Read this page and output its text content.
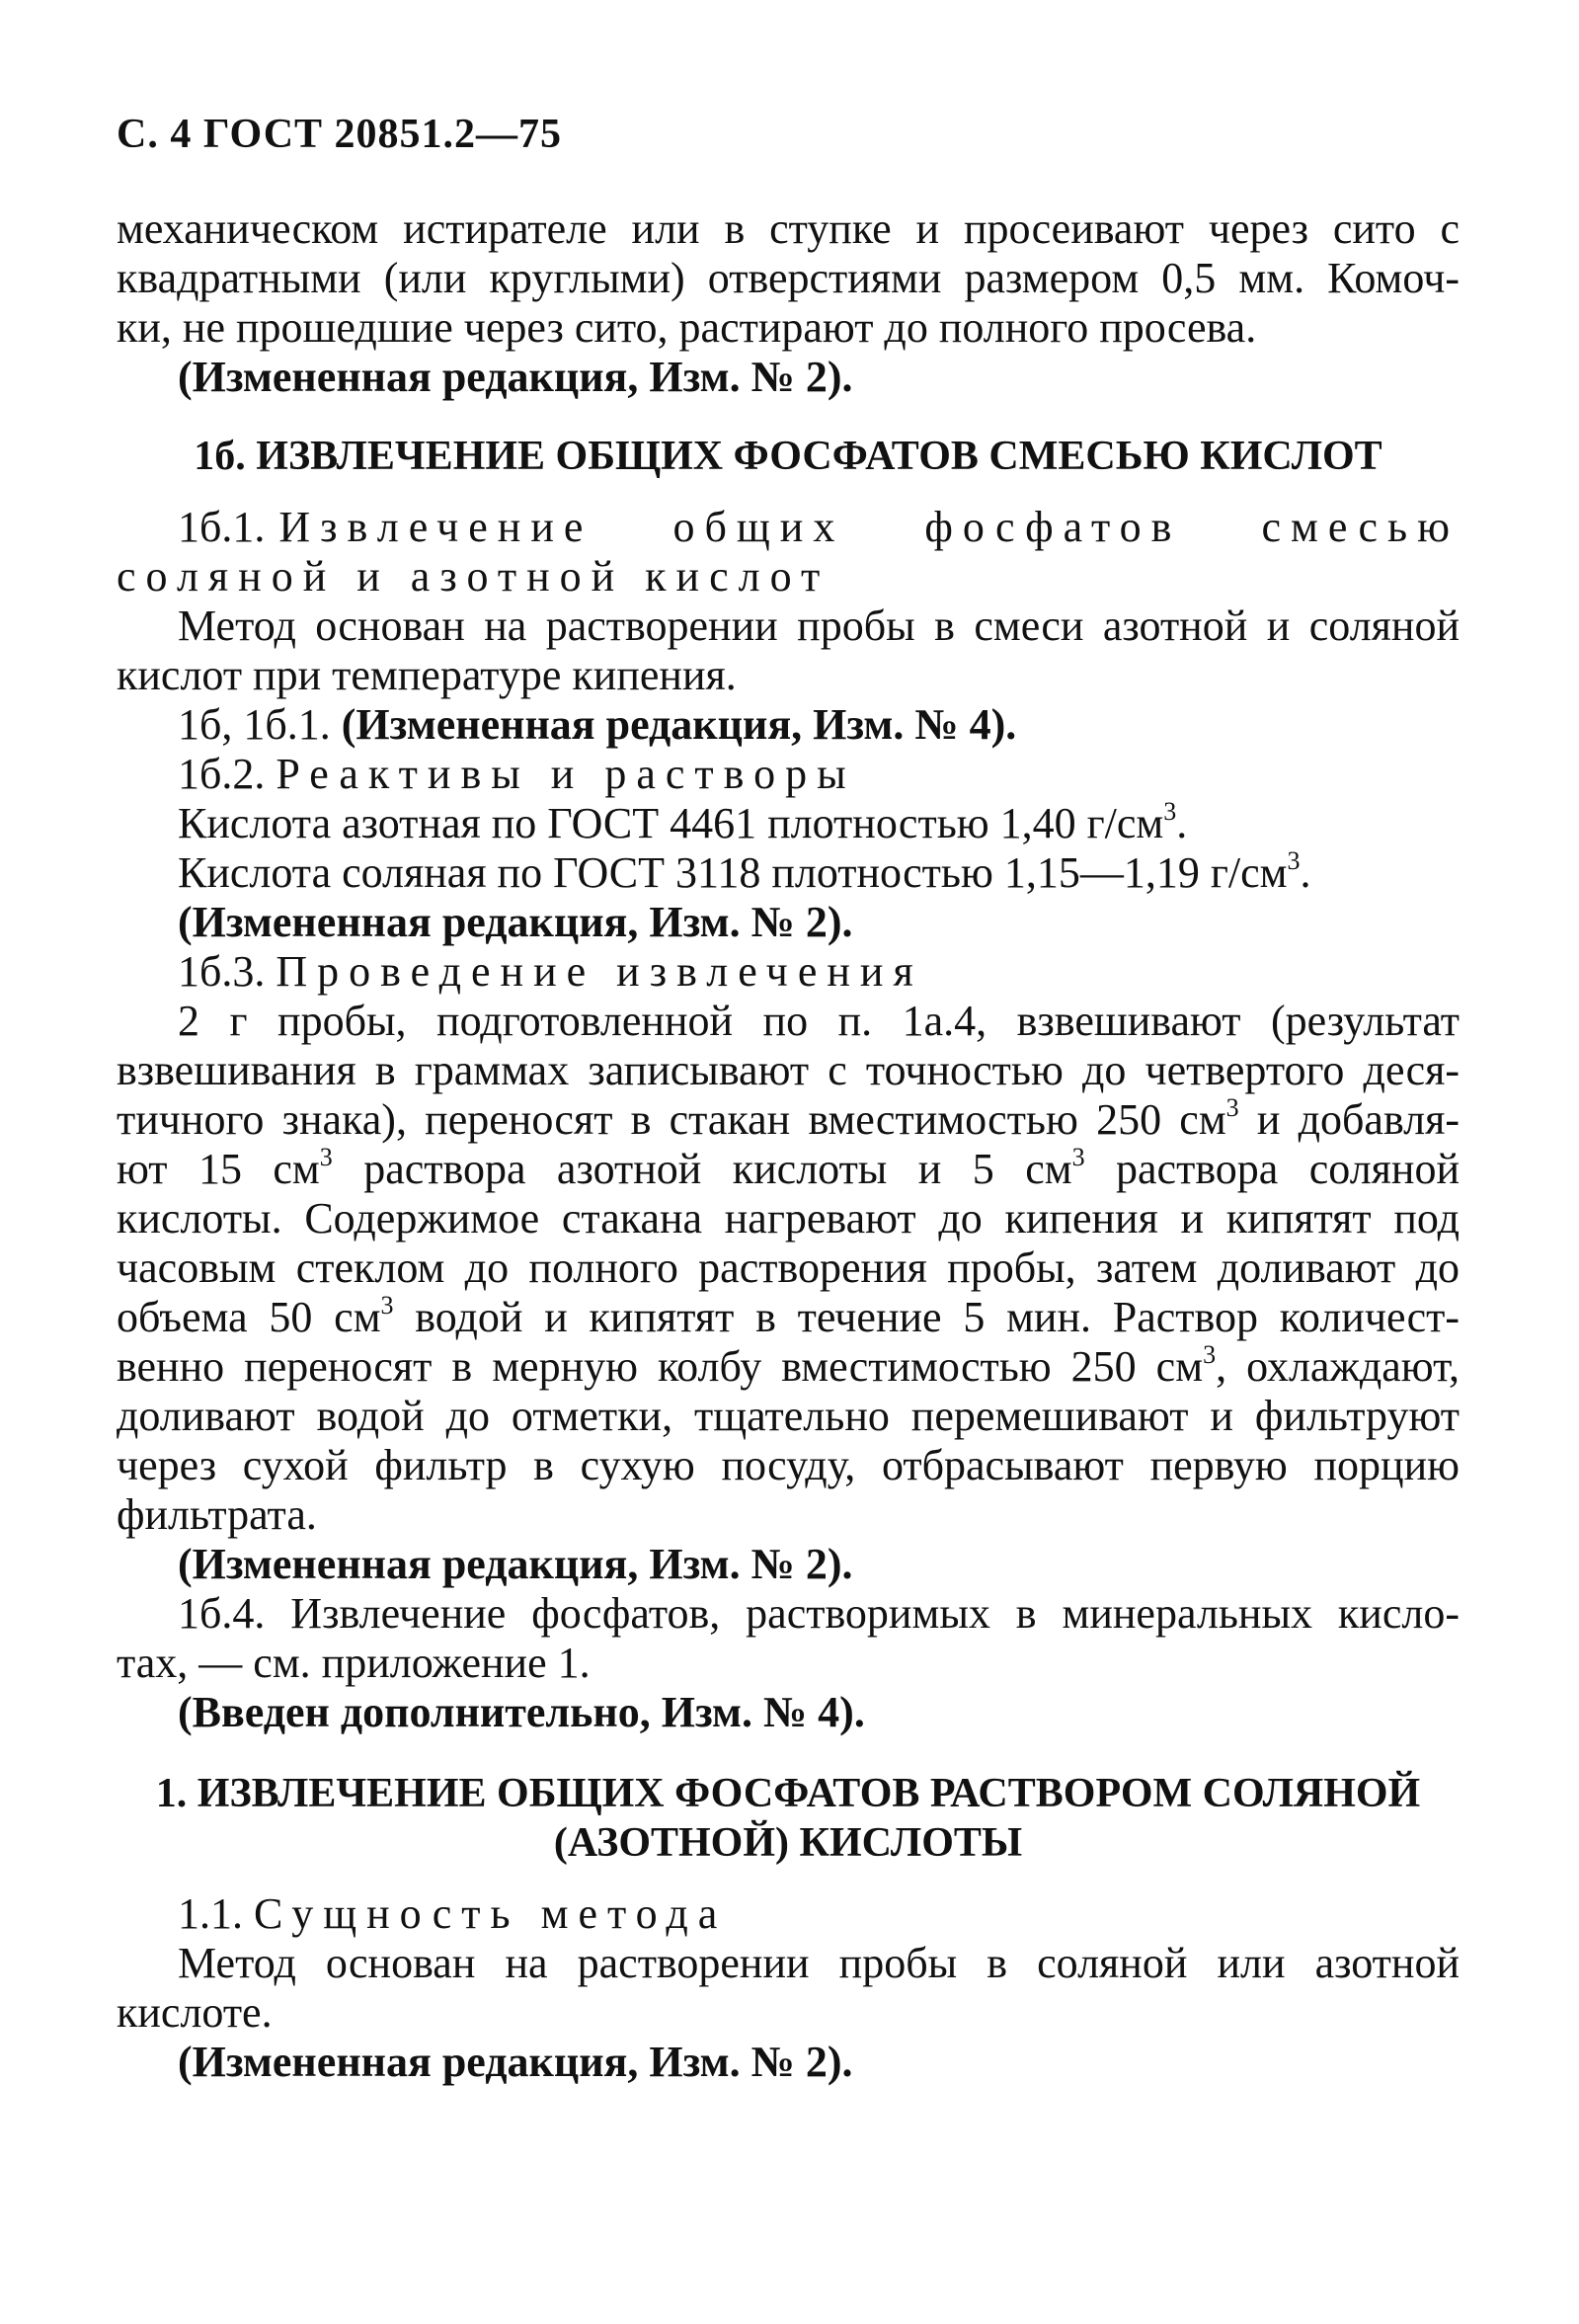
С. 4 ГОСТ 20851.2—75
механическом истирателе или в ступке и просеивают через сито с
квадратными (или круглыми) отверстиями размером 0,5 мм. Комоч-
ки, не прошедшие через сито, растирают до полного просева.
(Измененная редакция, Изм. № 2).
1б. ИЗВЛЕЧЕНИЕ ОБЩИХ ФОСФАТОВ СМЕСЬЮ КИСЛОТ
1б.1. Извлечение общих фосфатов смесью
соляной и азотной кислот
Метод основан на растворении пробы в смеси азотной и соляной
кислот при температуре кипения.
1б, 1б.1. (Измененная редакция, Изм. № 4).
1б.2. Реактивы и растворы
Кислота азотная по ГОСТ 4461 плотностью 1,40 $г/см^3$.
Кислота соляная по ГОСТ 3118 плотностью 1,15—1,19 $г/см^3$.
(Измененная редакция, Изм. № 2).
1б.3. Проведение извлечения
2 г пробы, подготовленной по п. 1а.4, взвешивают (результат
взвешивания в граммах записывают с точностью до четвертого деся-
тичного знака), переносят в стакан вместимостью 250 $см^3$ и добавля-
ют 15 $см^3$ раствора азотной кислоты и 5 $см^3$ раствора соляной
кислоты. Содержимое стакана нагревают до кипения и кипятят под
часовым стеклом до полного растворения пробы, затем доливают до
объема 50 $см^3$ водой и кипятят в течение 5 мин. Раствор количест-
венно переносят в мерную колбу вместимостью 250 $см^3$, охлаждают,
доливают водой до отметки, тщательно перемешивают и фильтруют
через сухой фильтр в сухую посуду, отбрасывают первую порцию
фильтрата.
(Измененная редакция, Изм. № 2).
1б.4. Извлечение фосфатов, растворимых в минеральных кисло-
тах, — см. приложение 1.
(Введен дополнительно, Изм. № 4).
1. ИЗВЛЕЧЕНИЕ ОБЩИХ ФОСФАТОВ РАСТВОРОМ СОЛЯНОЙ
(АЗОТНОЙ) КИСЛОТЫ
1.1. Сущность метода
Метод основан на растворении пробы в соляной или азотной
кислоте.
(Измененная редакция, Изм. № 2).
